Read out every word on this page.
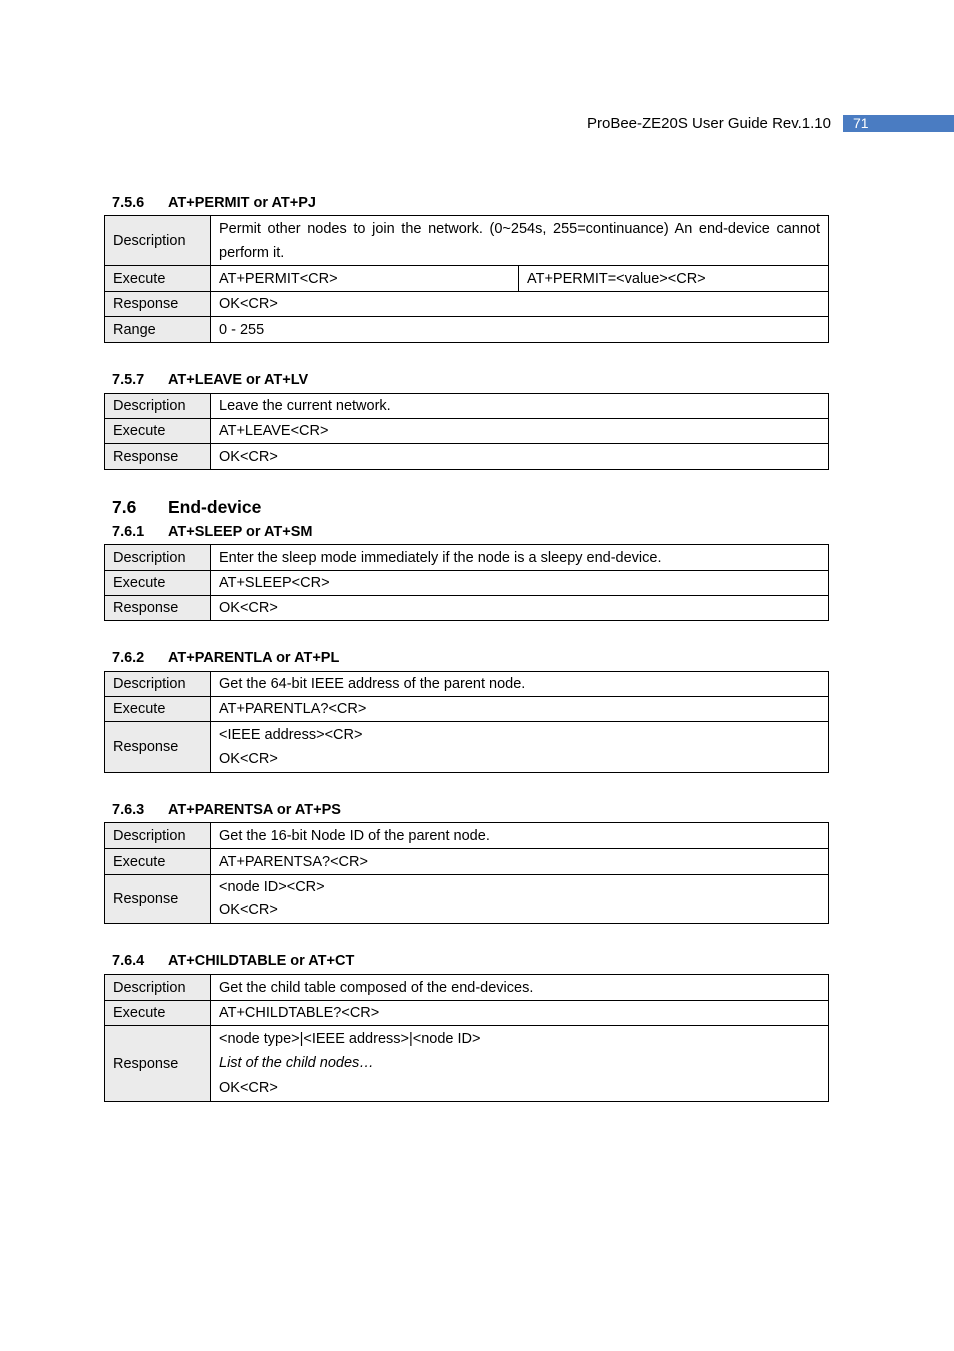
ProBee-ZE20S User Guide Rev.1.10	71
7.5.6 AT+PERMIT or AT+PJ
Description	Permit other nodes to join the network. (0~254s, 255=continuance) An end-device cannot perform it.	
Execute	AT+PERMIT<CR>	AT+PERMIT=<value><CR>
Response	OK<CR>	
Range	0 - 255	
7.5.7 AT+LEAVE or AT+LV
Description	Leave the current network.
Execute	AT+LEAVE<CR>
Response	OK<CR>
7.6 End-device
7.6.1 AT+SLEEP or AT+SM
Description	Enter the sleep mode immediately if the node is a sleepy end-device.
Execute	AT+SLEEP<CR>
Response	OK<CR>
7.6.2 AT+PARENTLA or AT+PL
Description	Get the 64-bit IEEE address of the parent node.
Execute	AT+PARENTLA?<CR>
Response	<IEEE address><CR>
OK<CR>
7.6.3 AT+PARENTSA or AT+PS
Description	Get the 16-bit Node ID of the parent node.
Execute	AT+PARENTSA?<CR>
Response	<node ID><CR>
OK<CR>
7.6.4 AT+CHILDTABLE or AT+CT
Description	Get the child table composed of the end-devices.
Execute	AT+CHILDTABLE?<CR>
Response	<node type>|<IEEE address>|<node ID>
List of the child nodes…
OK<CR>
